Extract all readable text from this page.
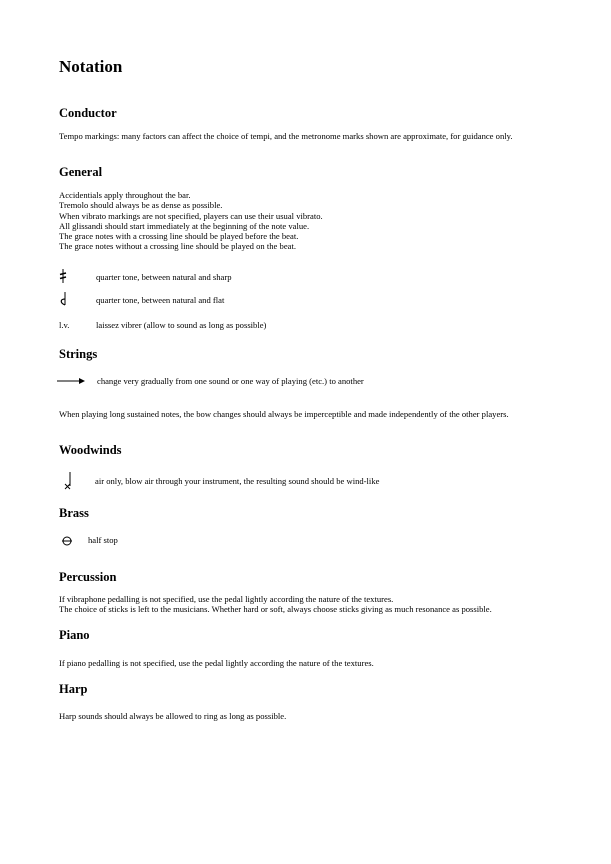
Notation
Conductor
Tempo markings: many factors can affect the choice of tempi, and the metronome marks shown are approximate, for guidance only.
General
Accidentials apply throughout the bar.
Tremolo should always be as dense as possible.
When vibrato markings are not specified, players can use their usual vibrato.
All glissandi should start immediately at the beginning of the note value.
The grace notes with a crossing line should be played before the beat.
The grace notes without a crossing line should be played on the beat.
quarter tone, between natural and sharp
quarter tone, between natural and flat
l.v.	laissez vibrer (allow to sound as long as possible)
Strings
change very gradually from one sound or one way of playing (etc.) to another
When playing long sustained notes, the bow changes should always be imperceptible and made independently of the other players.
Woodwinds
air only, blow air through your instrument, the resulting sound should be wind-like
Brass
half stop
Percussion
If vibraphone pedalling is not specified, use the pedal lightly according the nature of the textures.
The choice of sticks is left to the musicians. Whether hard or soft, always choose sticks giving as much resonance as possible.
Piano
If piano pedalling is not specified, use the pedal lightly according the nature of the textures.
Harp
Harp sounds should always be allowed to ring as long as possible.
